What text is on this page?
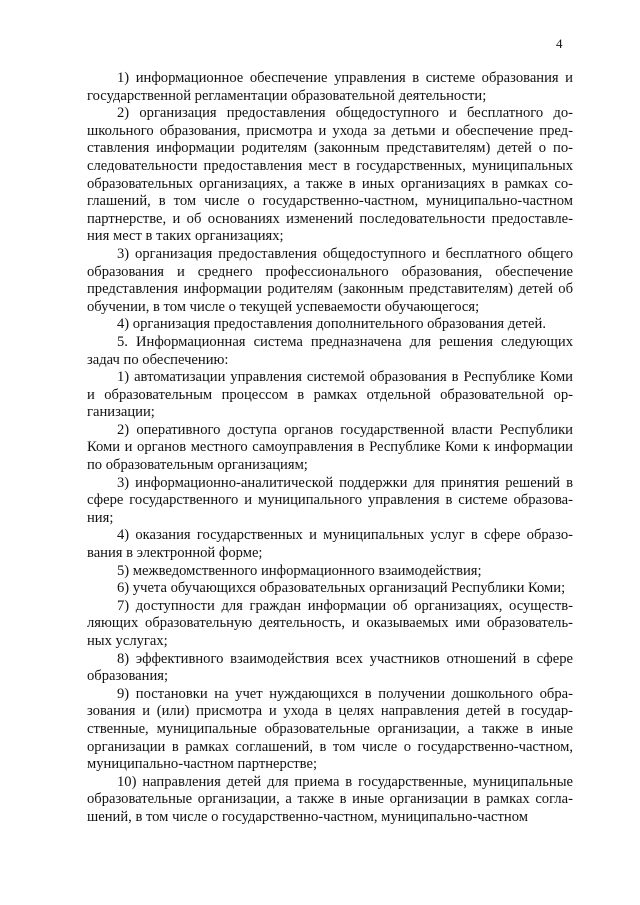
4

1) информационное обеспечение управления в системе образования и государственной регламентации образовательной деятельности;

2) организация предоставления общедоступного и бесплатного дошкольного образования, присмотра и ухода за детьми и обеспечение представления информации родителям (законным представителям) детей о последовательности предоставления мест в государственных, муниципальных образовательных организациях, а также в иных организациях в рамках соглашений, в том числе о государственно-частном, муниципально-частном партнерстве, и об основаниях изменений последовательности предоставления мест в таких организациях;

3) организация предоставления общедоступного и бесплатного общего образования и среднего профессионального образования, обеспечение представления информации родителям (законным представителям) детей об обучении, в том числе о текущей успеваемости обучающегося;

4) организация предоставления дополнительного образования детей.

5. Информационная система предназначена для решения следующих задач по обеспечению:

1) автоматизации управления системой образования в Республике Коми и образовательным процессом в рамках отдельной образовательной организации;

2) оперативного доступа органов государственной власти Республики Коми и органов местного самоуправления в Республике Коми к информации по образовательным организациям;

3) информационно-аналитической поддержки для принятия решений в сфере государственного и муниципального управления в системе образования;

4) оказания государственных и муниципальных услуг в сфере образования в электронной форме;

5) межведомственного информационного взаимодействия;

6) учета обучающихся образовательных организаций Республики Коми;

7) доступности для граждан информации об организациях, осуществляющих образовательную деятельность, и оказываемых ими образовательных услугах;

8) эффективного взаимодействия всех участников отношений в сфере образования;

9) постановки на учет нуждающихся в получении дошкольного образования и (или) присмотра и ухода в целях направления детей в государственные, муниципальные образовательные организации, а также в иные организации в рамках соглашений, в том числе о государственно-частном, муниципально-частном партнерстве;

10) направления детей для приема в государственные, муниципальные образовательные организации, а также в иные организации в рамках соглашений, в том числе о государственно-частном, муниципально-частном
